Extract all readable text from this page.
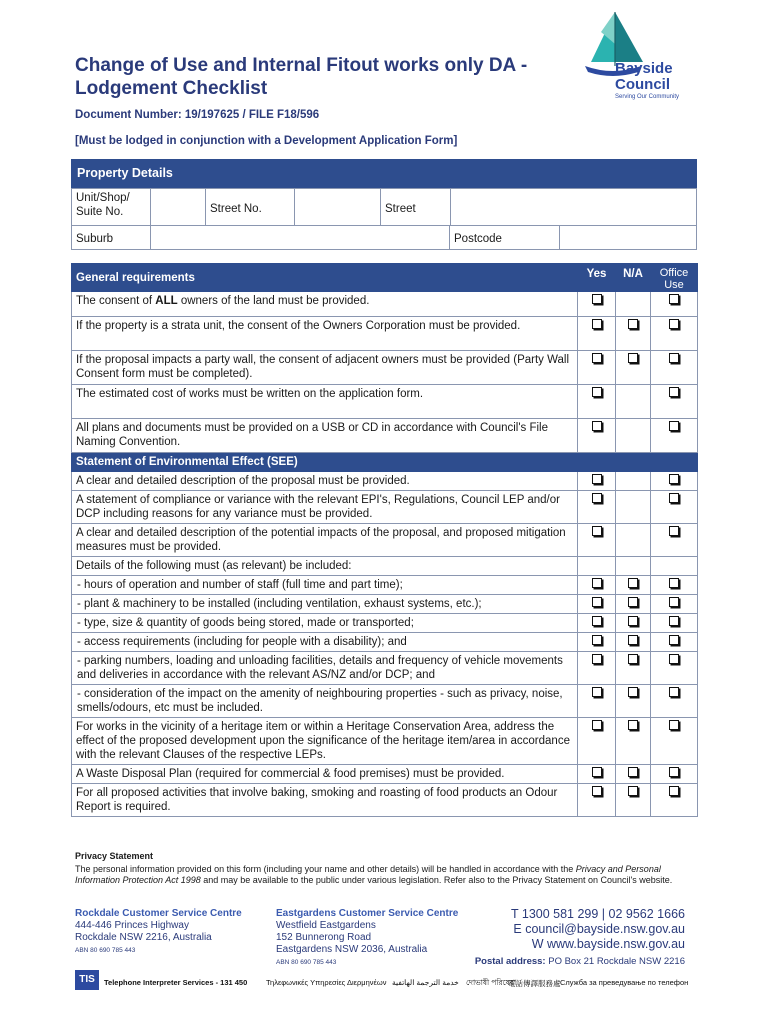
Change of Use and Internal Fitout works only DA - Lodgement Checklist
Document Number: 19/197625 / FILE F18/596
[Must be lodged in conjunction with a Development Application Form]
Bayside
Council
Serving Our Community
Property Details
Unit/Shop/ Suite No.	Street No.	Street
Suburb	Postcode
General requirements	Yes	N/A	Office Use
The consent of ALL owners of the land must be provided.			
If the property is a strata unit, the consent of the Owners Corporation must be provided.			
If the proposal impacts a party wall, the consent of adjacent owners must be provided (Party Wall Consent form must be completed).			
The estimated cost of works must be written on the application form.			
All plans and documents must be provided on a USB or CD in accordance with Council's File Naming Convention.			
Statement of Environmental Effect (SEE)			
A clear and detailed description of the proposal must be provided.			
A statement of compliance or variance with the relevant EPI's, Regulations, Council LEP and/or DCP including reasons for any variance must be provided.			
A clear and detailed description of the potential impacts of the proposal, and proposed mitigation measures must be provided.			
Details of the following must (as relevant) be included:			
- hours of operation and number of staff (full time and part time);			
- plant & machinery to be installed (including ventilation, exhaust systems, etc.);			
- type, size & quantity of goods being stored, made or transported;			
- access requirements (including for people with a disability); and			
- parking numbers, loading and unloading facilities, details and frequency of vehicle movements and deliveries in accordance with the relevant AS/NZ and/or DCP; and			
- consideration of the impact on the amenity of neighbouring properties - such as privacy, noise, smells/odours, etc must be included.			
For works in the vicinity of a heritage item or within a Heritage Conservation Area, address the effect of the proposed development upon the significance of the heritage item/area in accordance with the relevant Clauses of the respective LEPs.			
A Waste Disposal Plan (required for commercial & food premises) must be provided.			
For all proposed activities that involve baking, smoking and roasting of food products an Odour Report is required.			
Privacy Statement
The personal information provided on this form (including your name and other details) will be handled in accordance with the Privacy and Personal Information Protection Act 1998 and may be available to the public under various legislation. Refer also to the Privacy Statement on Council's website.
Rockdale Customer Service Centre
444-446 Princes Highway
Rockdale NSW 2216, Australia
ABN 80 690 785 443
Eastgardens Customer Service Centre
Westfield Eastgardens
152 Bunnerong Road
Eastgardens NSW 2036, Australia
ABN 80 690 785 443
T 1300 581 299 | 02 9562 1666
E council@bayside.nsw.gov.au
W www.bayside.nsw.gov.au
Postal address: PO Box 21 Rockdale NSW 2216
TIS	Telephone Interpreter Services - 131 450 Τηλεφωνικές Υπηρεσίες Διερμηνέων خدمة الترجمة الهاتفية দোভাষী পরিষেবা
電話傳譯服務處 Служба за преведување по телефон
